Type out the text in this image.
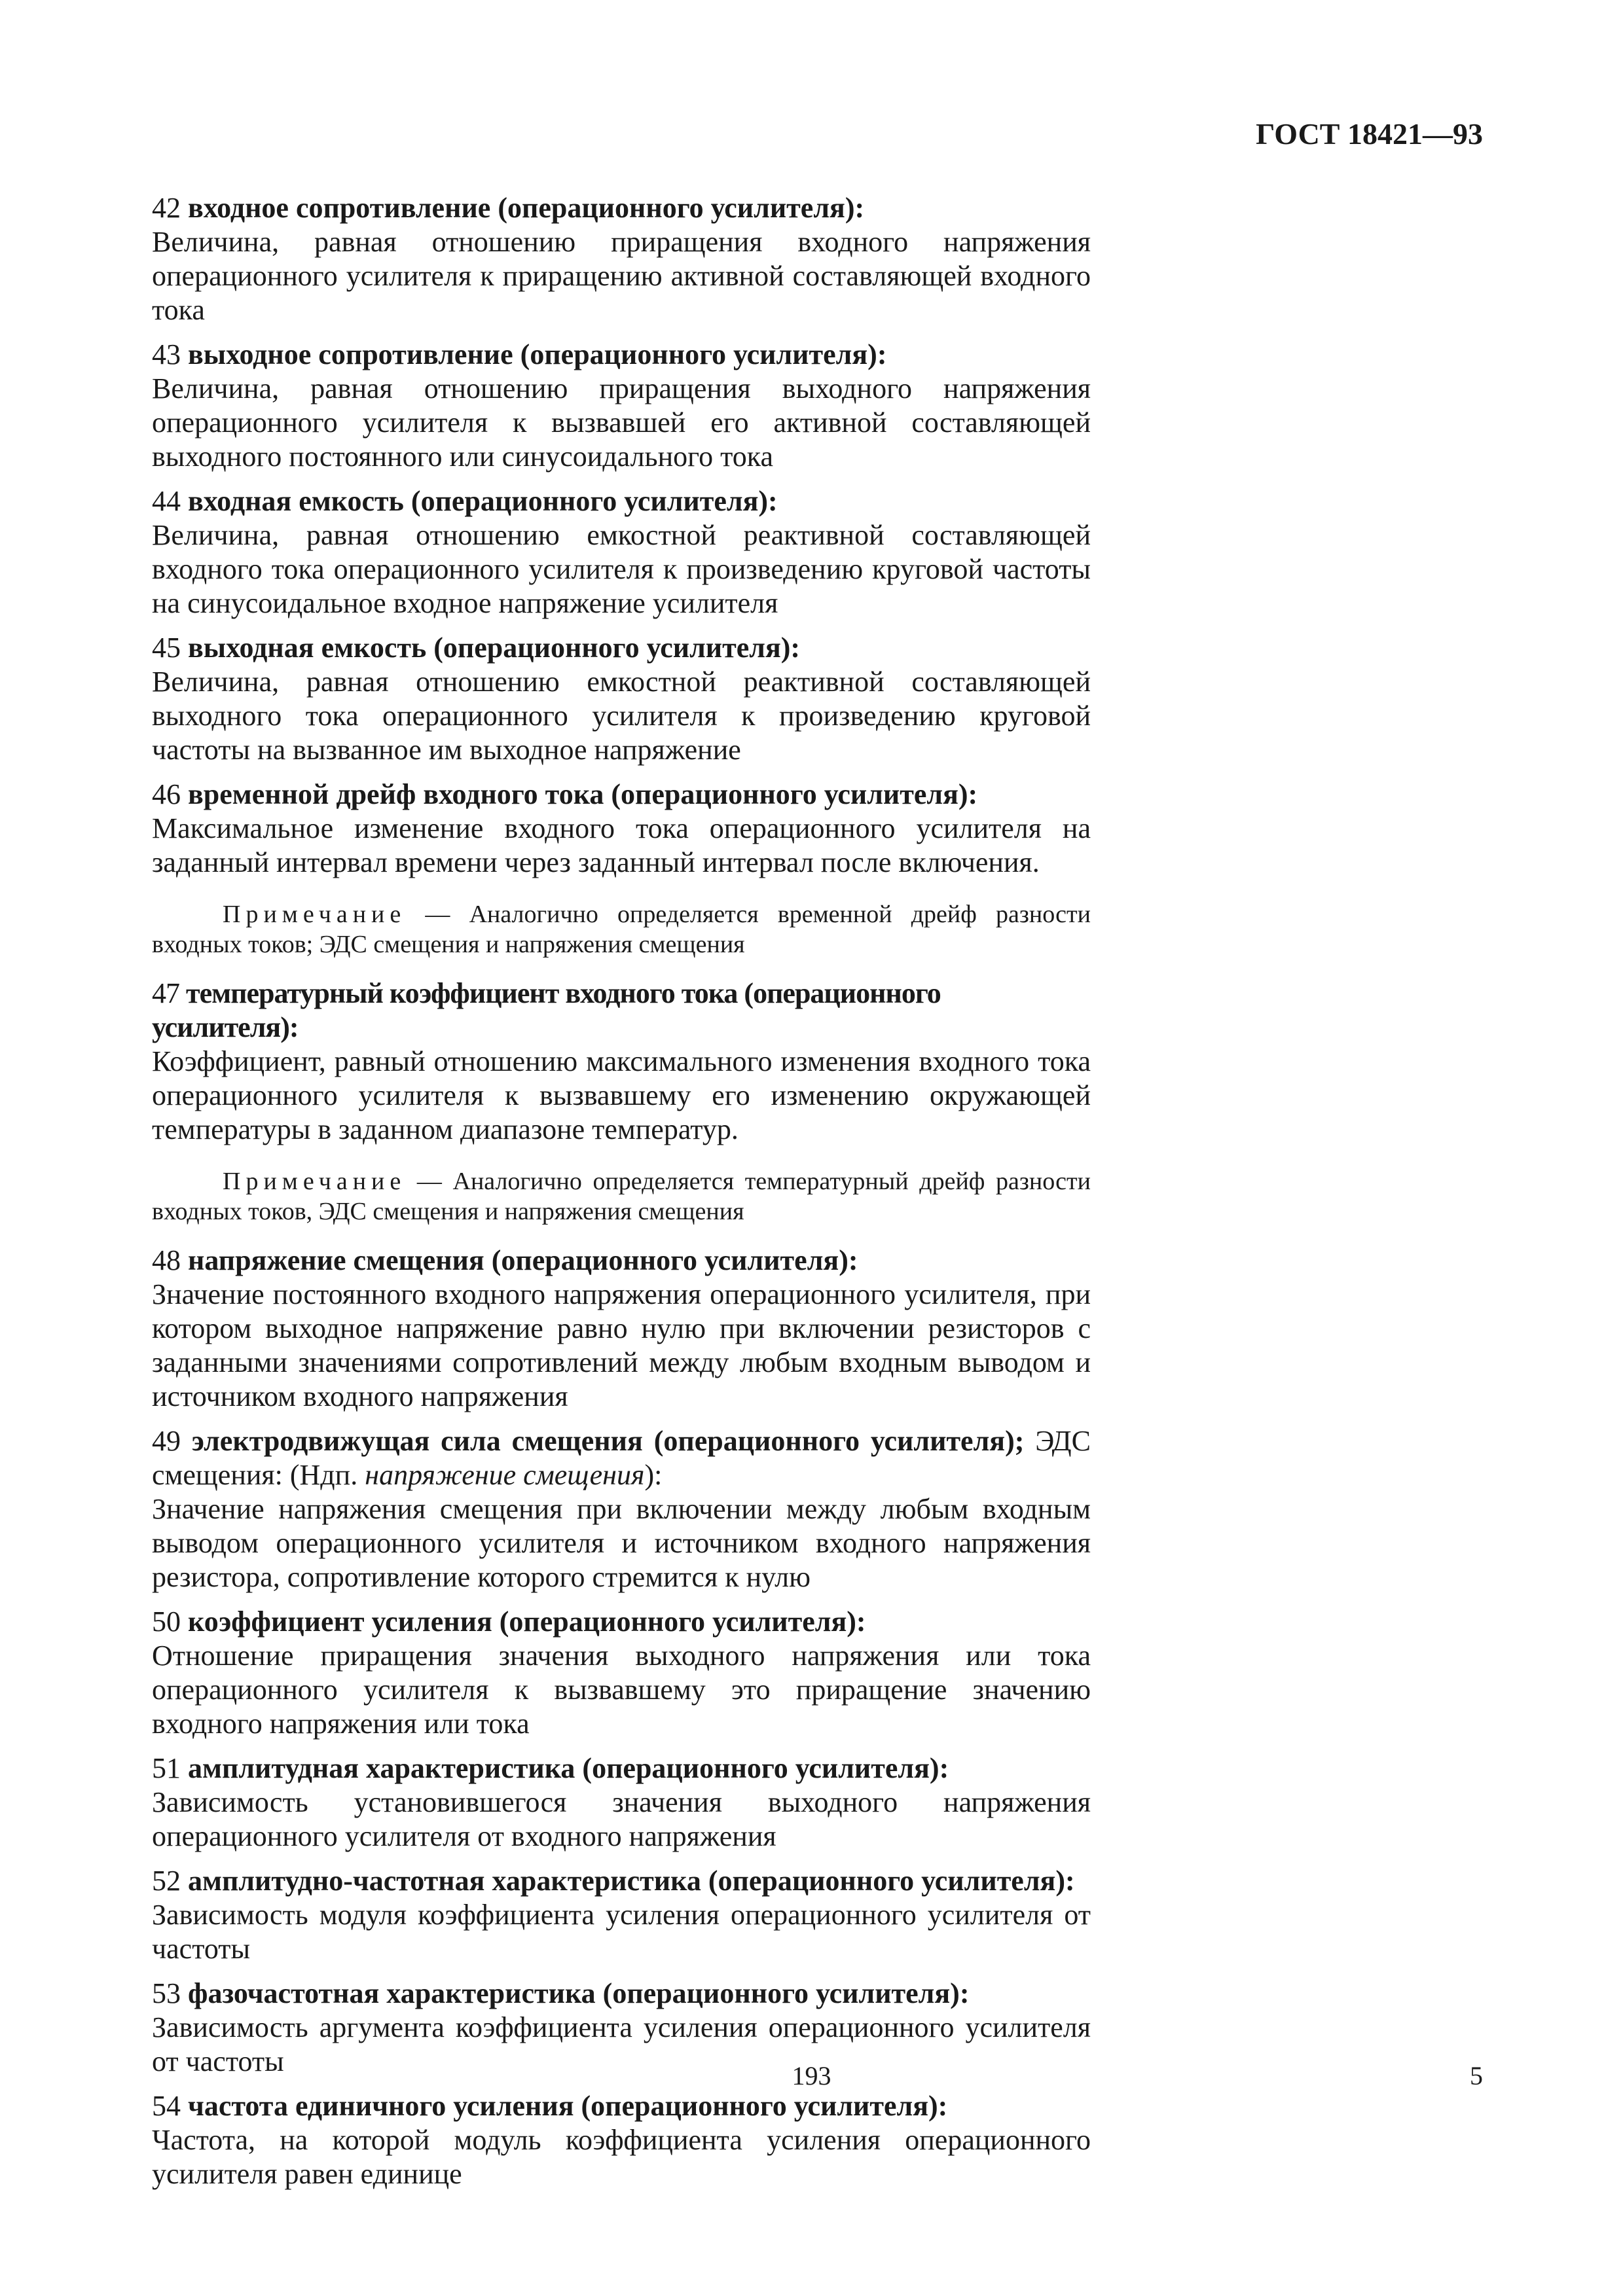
ГОСТ 18421—93
42 входное сопротивление (операционного усилителя):
Величина, равная отношению приращения входного напряжения операционного усилителя к приращению активной составляющей входного тока
43 выходное сопротивление (операционного усилителя):
Величина, равная отношению приращения выходного напряжения операционного усилителя к вызвавшей его активной составляющей выходного постоянного или синусоидального тока
44 входная емкость (операционного усилителя):
Величина, равная отношению емкостной реактивной составляющей входного тока операционного усилителя к произведению круговой частоты на синусоидальное входное напряжение усилителя
45 выходная емкость (операционного усилителя):
Величина, равная отношению емкостной реактивной составляющей выходного тока операционного усилителя к произведению круговой частоты на вызванное им выходное напряжение
46 временной дрейф входного тока (операционного усилителя):
Максимальное изменение входного тока операционного усилителя на заданный интервал времени через заданный интервал после включения.
Примечание — Аналогично определяется временной дрейф разности входных токов; ЭДС смещения и напряжения смещения
47 температурный коэффициент входного тока (операционного усилителя):
Коэффициент, равный отношению максимального изменения входного тока операционного усилителя к вызвавшему его изменению окружающей температуры в заданном диапазоне температур.
Примечание — Аналогично определяется температурный дрейф разности входных токов, ЭДС смещения и напряжения смещения
48 напряжение смещения (операционного усилителя):
Значение постоянного входного напряжения операционного усилителя, при котором выходное напряжение равно нулю при включении резисторов с заданными значениями сопротивлений между любым входным выводом и источником входного напряжения
49 электродвижущая сила смещения (операционного усилителя); ЭДС смещения: (Ндп. напряжение смещения):
Значение напряжения смещения при включении между любым входным выводом операционного усилителя и источником входного напряжения резистора, сопротивление которого стремится к нулю
50 коэффициент усиления (операционного усилителя):
Отношение приращения значения выходного напряжения или тока операционного усилителя к вызвавшему это приращение значению входного напряжения или тока
51 амплитудная характеристика (операционного усилителя):
Зависимость установившегося значения выходного напряжения операционного усилителя от входного напряжения
52 амплитудно-частотная характеристика (операционного усилителя):
Зависимость модуля коэффициента усиления операционного усилителя от частоты
53 фазочастотная характеристика (операционного усилителя):
Зависимость аргумента коэффициента усиления операционного усилителя от частоты
54 частота единичного усиления (операционного усилителя):
Частота, на которой модуль коэффициента усиления операционного усилителя равен единице
193	5
